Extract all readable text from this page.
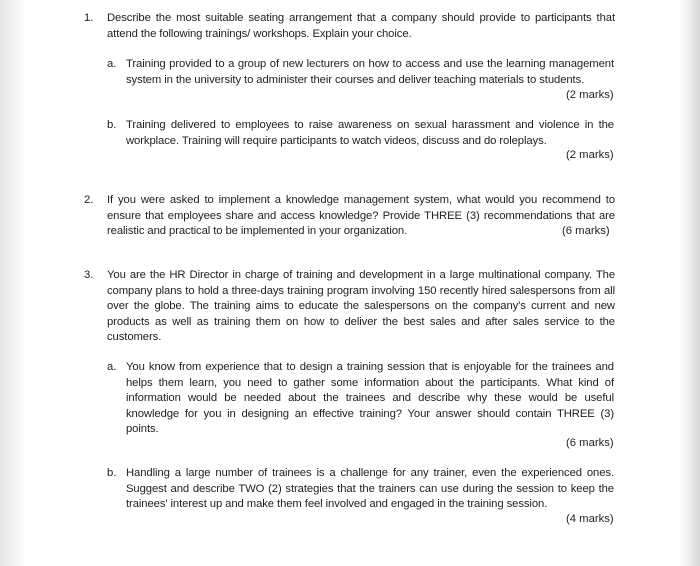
1. Describe the most suitable seating arrangement that a company should provide to participants that attend the following trainings/ workshops. Explain your choice.

a. Training provided to a group of new lecturers on how to access and use the learning management system in the university to administer their courses and deliver teaching materials to students.

(2 marks)
b. Training delivered to employees to raise awareness on sexual harassment and violence in the workplace. Training will require participants to watch videos, discuss and do roleplays.

(2 marks)
2. If you were asked to implement a knowledge management system, what would you recommend to ensure that employees share and access knowledge? Provide THREE (3) recommendations that are realistic and practical to be implemented in your organization.	(6 marks)
3. You are the HR Director in charge of training and development in a large multinational company. The company plans to hold a three-days training program involving 150 recently hired salespersons from all over the globe. The training aims to educate the salespersons on the company's current and new products as well as training them on how to deliver the best sales and after sales service to the customers.

a. You know from experience that to design a training session that is enjoyable for the trainees and helps them learn, you need to gather some information about the participants. What kind of information would be needed about the trainees and describe why these would be useful knowledge for you in designing an effective training? Your answer should contain THREE (3) points.

(6 marks)
b. Handling a large number of trainees is a challenge for any trainer, even the experienced ones. Suggest and describe TWO (2) strategies that the trainers can use during the session to keep the trainees' interest up and make them feel involved and engaged in the training session.

(4 marks)
